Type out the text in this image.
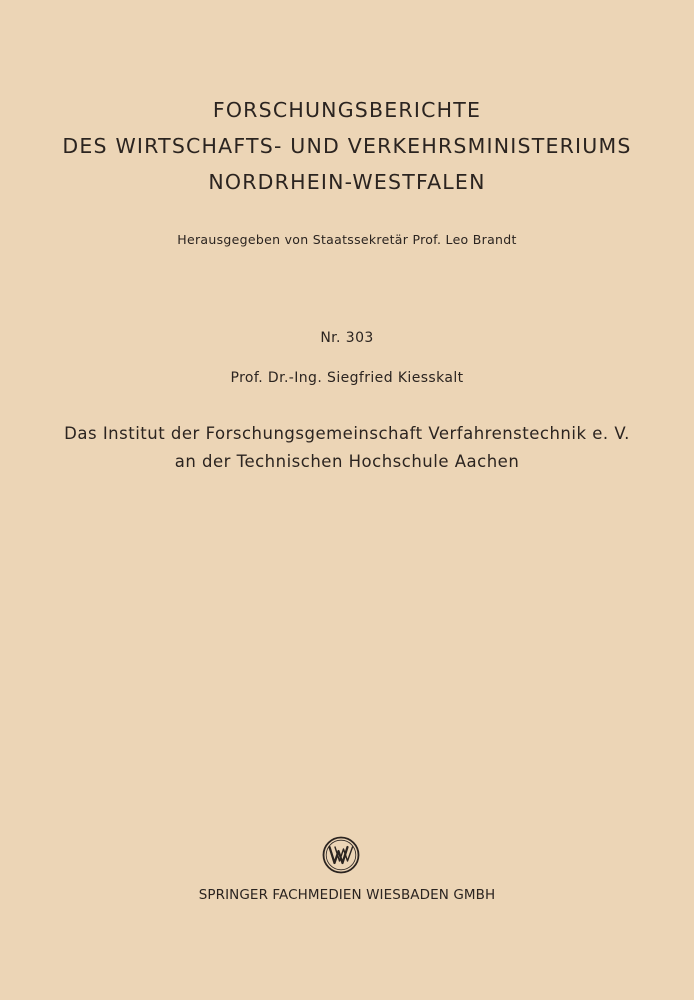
FORSCHUNGSBERICHTE
DES WIRTSCHAFTS- UND VERKEHRSMINISTERIUMS
NORDRHEIN-WESTFALEN
Herausgegeben von Staatssekretär Prof. Leo Brandt
Nr. 303
Prof. Dr.-Ing. Siegfried Kiesskalt
Das Institut der Forschungsgemeinschaft Verfahrenstechnik e. V.
an der Technischen Hochschule Aachen
SPRINGER FACHMEDIEN WIESBADEN GMBH
